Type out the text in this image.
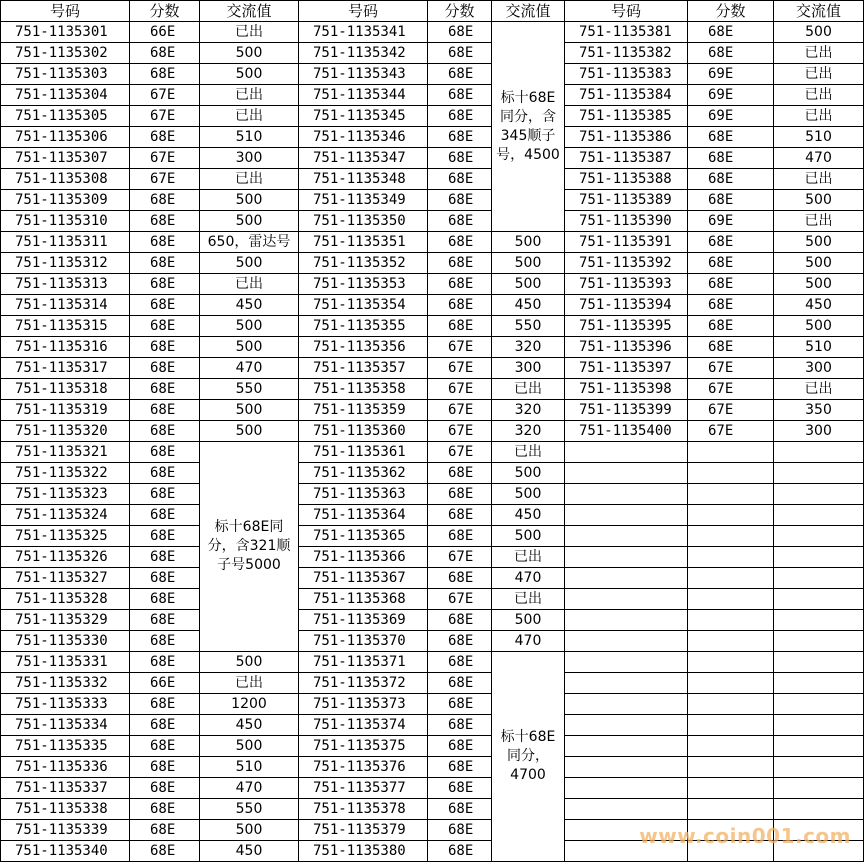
号码	分数	交流值	号码	分数	交流值	号码	分数	交流值
751-1135301	66E	已出	751-1135341	68E	标十68E同分，含345顺子号，4500	751-1135381	68E	500
751-1135302	68E	500	751-1135342	68E		751-1135382	68E	已出
751-1135303	68E	500	751-1135343	68E		751-1135383	69E	已出
751-1135304	67E	已出	751-1135344	68E		751-1135384	69E	已出
751-1135305	67E	已出	751-1135345	68E		751-1135385	69E	已出
751-1135306	68E	510	751-1135346	68E		751-1135386	68E	510
751-1135307	67E	300	751-1135347	68E		751-1135387	68E	470
751-1135308	67E	已出	751-1135348	68E		751-1135388	68E	已出
751-1135309	68E	500	751-1135349	68E		751-1135389	68E	500
751-1135310	68E	500	751-1135350	68E		751-1135390	69E	已出
751-1135311	68E	650，雷达号	751-1135351	68E	500	751-1135391	68E	500
751-1135312	68E	500	751-1135352	68E	500	751-1135392	68E	500
751-1135313	68E	已出	751-1135353	68E	500	751-1135393	68E	500
751-1135314	68E	450	751-1135354	68E	450	751-1135394	68E	450
751-1135315	68E	500	751-1135355	68E	550	751-1135395	68E	500
751-1135316	68E	500	751-1135356	67E	320	751-1135396	68E	510
751-1135317	68E	470	751-1135357	67E	300	751-1135397	67E	300
751-1135318	68E	550	751-1135358	67E	已出	751-1135398	67E	已出
751-1135319	68E	500	751-1135359	67E	320	751-1135399	67E	350
751-1135320	68E	500	751-1135360	67E	320	751-1135400	67E	300
751-1135321	68E	标十68E同分，含321顺子号5000	751-1135361	67E	已出			
751-1135322	68E		751-1135362	68E	500			
751-1135323	68E		751-1135363	68E	500			
751-1135324	68E		751-1135364	68E	450			
751-1135325	68E		751-1135365	68E	500			
751-1135326	68E		751-1135366	67E	已出			
751-1135327	68E		751-1135367	68E	470			
751-1135328	68E		751-1135368	67E	已出			
751-1135329	68E		751-1135369	68E	500			
751-1135330	68E		751-1135370	68E	470			
751-1135331	68E	500	751-1135371	68E	标十68E同分，4700			
751-1135332	66E	已出	751-1135372	68E				
751-1135333	68E	1200	751-1135373	68E				
751-1135334	68E	450	751-1135374	68E				
751-1135335	68E	500	751-1135375	68E				
751-1135336	68E	510	751-1135376	68E				
751-1135337	68E	470	751-1135377	68E				
751-1135338	68E	550	751-1135378	68E				
751-1135339	68E	500	751-1135379	68E				
751-1135340	68E	450	751-1135380	68E				
www.coin001.com
